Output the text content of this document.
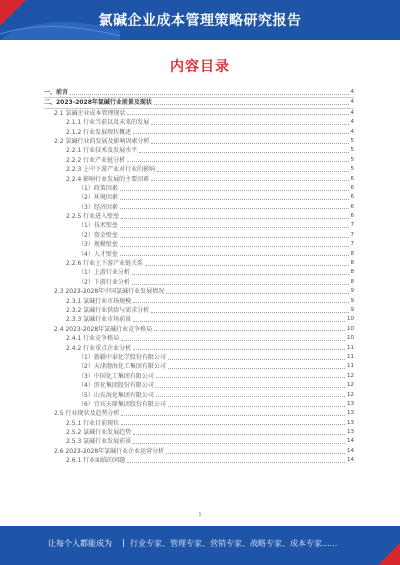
氯碱企业成本管理策略研究报告
内容目录
一、前言	4
二、2023-2028年氯碱行业前景及现状	4
2.1 氯碱企业成本管理现状	4
2.1.1 行业当前以及未来的发展	4
2.1.2 行业发展现状概述	4
2.2 氯碱行业的发展及影响因素分析	5
2.2.1 行业技术及发展水平	5
2.2.2 行业产业链分析	5
2.2.3 上中下游产业对行业的影响	5
2.2.4 影响行业发展的主要因素	6
（1）政策因素	6
（2）环境因素	6
（3）经济因素	6
2.2.5 行业进入壁垒	6
（1）技术壁垒	7
（2）资金壁垒	7
（3）规模壁垒	7
（4）人才壁垒	8
2.2.6 行业上下游产业链关系	8
（1）上游行业分析	8
（2）下游行业分析	8
2.3 2023-2028年中国氯碱行业发展情况	9
2.3.1 氯碱行业市场规模	9
2.3.2 氯碱行业供给与需求分析	9
2.3.3 氯碱行业市场前景	10
2.4 2023-2028年氯碱行业竞争格局	10
2.4.1 行业竞争格局	10
2.4.2 行业重点企业分析	11
（1）新疆中泰化学股份有限公司	11
（2）天津渤海化工集团有限公司	11
（3）中国化工集团有限公司	12
（4）滨化集团股份有限公司	12
（5）山东海化集团有限公司	12
（6）宜宾天原集团股份有限公司	13
2.5 行业现状及趋势分析	13
2.5.1 行业目前现状	13
2.5.2 氯碱行业发展趋势	13
2.5.3 氯碱行业发展前景	14
2.6 2023-2028年氯碱行业企业运营分析	14
2.6.1 行业面临的问题	14
1
让每个人都能成为 | 行业专家、管理专家、营销专家、战略专家、成本专家......
